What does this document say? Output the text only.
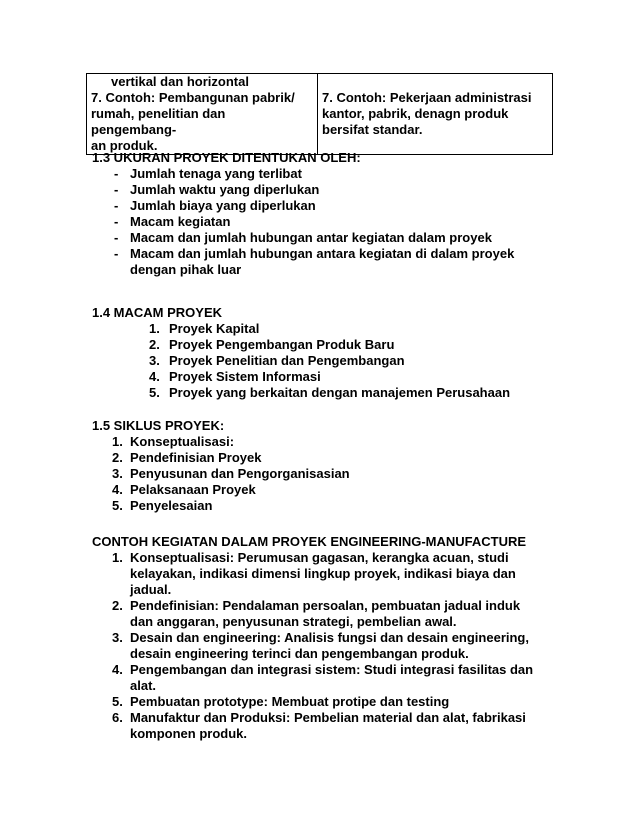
vertikal dan horizontal
7. Contoh: Pembangunan pabrik/
rumah, penelitian dan pengembang-
an produk.

7. Contoh: Pekerjaan administrasi
kantor, pabrik, denagn produk
bersifat standar.
1.3 UKURAN PROYEK DITENTUKAN OLEH:
- Jumlah tenaga yang terlibat
- Jumlah waktu yang diperlukan
- Jumlah biaya yang diperlukan
- Macam kegiatan
- Macam dan jumlah hubungan antar kegiatan dalam proyek
- Macam dan jumlah hubungan antara kegiatan di dalam proyek dengan pihak luar
1.4 MACAM PROYEK
1. Proyek Kapital
2. Proyek Pengembangan Produk Baru
3. Proyek Penelitian dan Pengembangan
4. Proyek Sistem Informasi
5. Proyek yang berkaitan dengan manajemen Perusahaan
1.5 SIKLUS PROYEK:
1. Konseptualisasi:
2. Pendefinisian Proyek
3. Penyusunan dan Pengorganisasian
4. Pelaksanaan Proyek
5. Penyelesaian
CONTOH KEGIATAN DALAM PROYEK ENGINEERING-MANUFACTURE
1. Konseptualisasi: Perumusan gagasan, kerangka acuan, studi kelayakan, indikasi dimensi lingkup proyek, indikasi biaya dan jadual.
2. Pendefinisian: Pendalaman persoalan, pembuatan jadual induk dan anggaran, penyusunan strategi, pembelian awal.
3. Desain dan engineering: Analisis fungsi dan desain engineering, desain engineering terinci dan pengembangan produk.
4. Pengembangan dan integrasi sistem: Studi integrasi fasilitas dan alat.
5. Pembuatan prototype: Membuat protipe dan testing
6. Manufaktur dan Produksi: Pembelian material dan alat, fabrikasi komponen produk.
